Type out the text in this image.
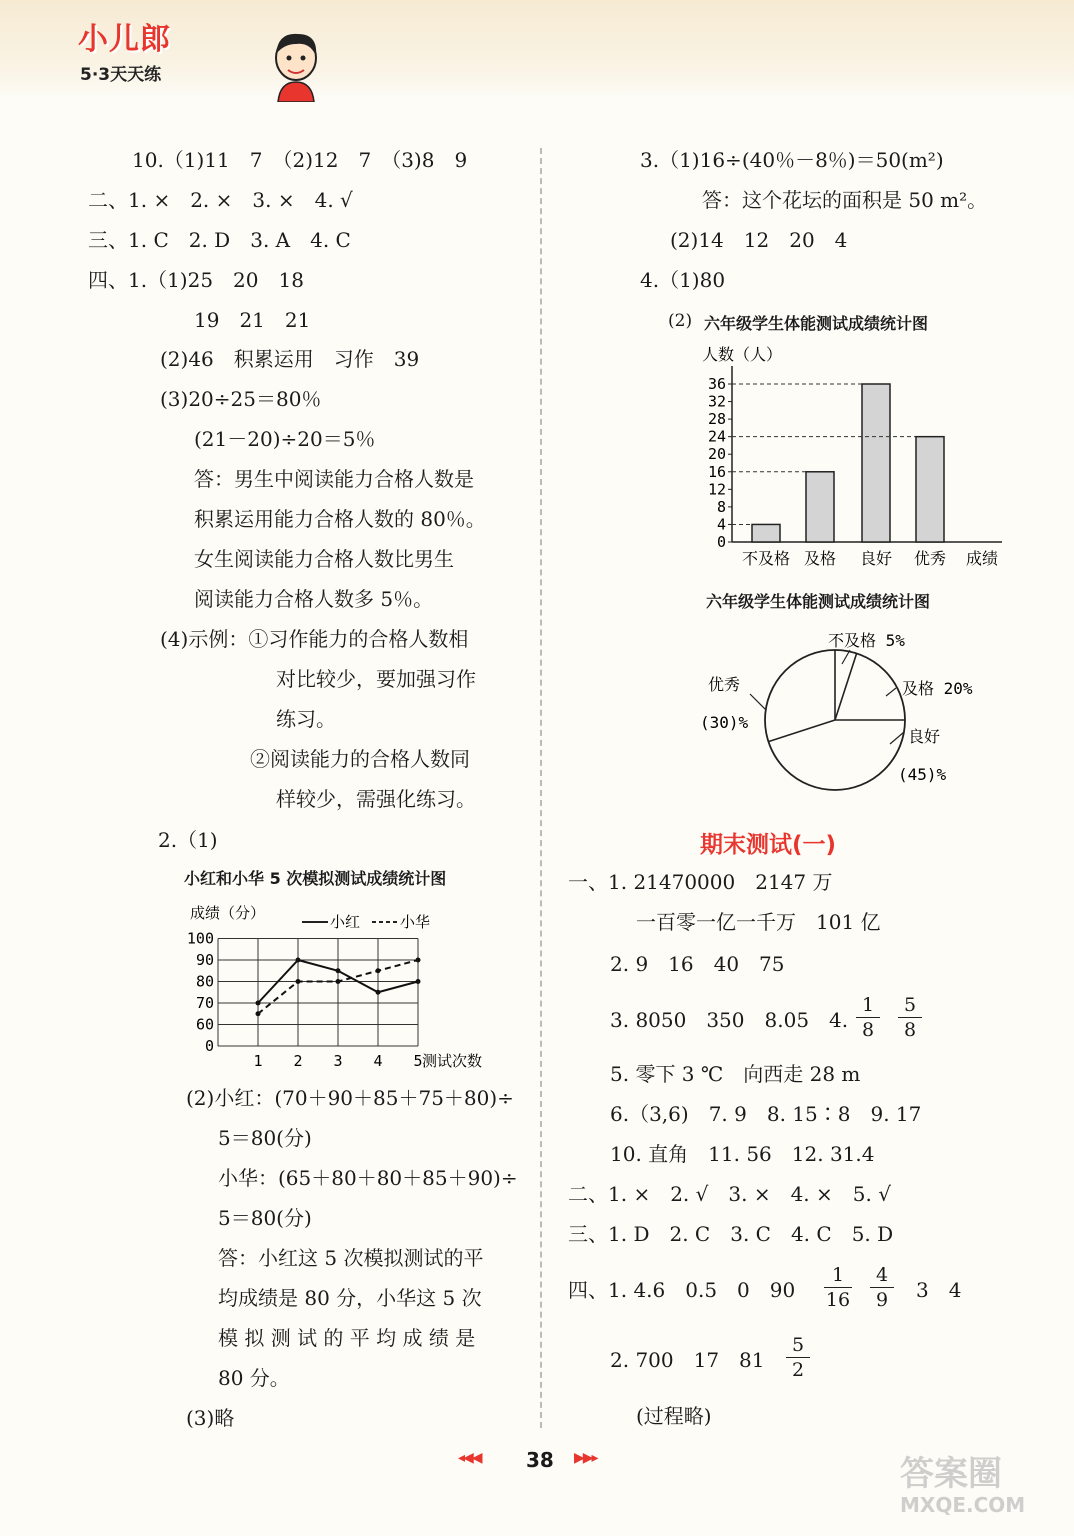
小儿郎
5·3天天练
10.（1)11　7　（2)12　7　（3)8　9
二、1. ×　2. ×　3. ×　4. √
三、1. C　2. D　3. A　4. C
四、1.（1)25　20　18
19　21　21
(2)46　积累运用　习作　39
(3)20÷25＝80％
(21－20)÷20＝5％
答：男生中阅读能力合格人数是
积累运用能力合格人数的 80％。
女生阅读能力合格人数比男生
阅读能力合格人数多 5％。
(4)示例：①习作能力的合格人数相
对比较少，要加强习作
练习。
②阅读能力的合格人数同
样较少，需强化练习。
2.（1)
小红和小华 5 次模拟测试成绩统计图
成绩（分）	小红	小华
0
60
70
80
90
100
1 2 3 4 5 测试次数
(2)小红：(70＋90＋85＋75＋80)÷
5＝80(分)
小华：(65＋80＋80＋85＋90)÷
5＝80(分)
答：小红这 5 次模拟测试的平
均成绩是 80 分，小华这 5 次
模 拟 测 试 的 平 均 成 绩 是
80 分。
(3)略
3.（1)16÷(40％－8％)＝50(m²)
答：这个花坛的面积是 50 m²。
(2)14　12　20　4
4.（1)80
(2) 六年级学生体能测试成绩统计图
人数（人）
0
4
8
12
16
20
24
28
32
36
不及格 及格 良好 优秀 成绩
六年级学生体能测试成绩统计图
不及格 5%
及格 20%
良好
(45)%
优秀
(30)%
期末测试(一)
一、1. 21470000　2147 万
一百零一亿一千万　101 亿
2. 9　16　40　75
3. 8050　350　8.05　4. $\frac{1}{8} \frac{5}{8}$
5. 零下 3 ℃　向西走 28 m
6.（3,6)　7. 9　8. 15∶8　9. 17
10. 直角　11. 56　12. 31.4
二、1. ×　2. √　3. ×　4. ×　5. √
三、1. D　2. C　3. C　4. C　5. D
四、1. 4.6　0.5　0　$90 \frac{1}{16} \frac{4}{9} 3$　4
2. 700　17　$81 \frac{5}{2}$
(过程略)
◂◀◀ 38 ▶▶▸	答案圈
MXQE.COM
